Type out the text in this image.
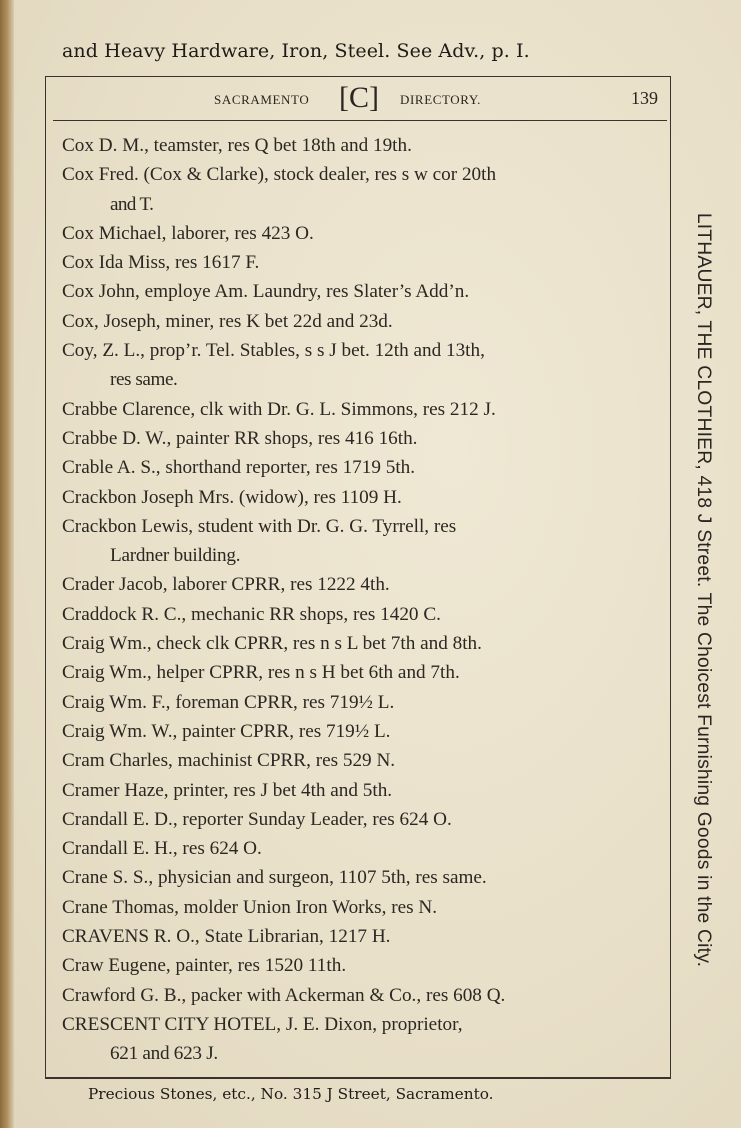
and Heavy Hardware, Iron, Steel. See Adv., p. I.
SACRAMENTO [C] DIRECTORY.	139
Cox D. M., teamster, res Q bet 18th and 19th.
Cox Fred. (Cox & Clarke), stock dealer, res s w cor 20th
and T.
Cox Michael, laborer, res 423 O.
Cox Ida Miss, res 1617 F.
Cox John, employe Am. Laundry, res Slater’s Add’n.
Cox, Joseph, miner, res K bet 22d and 23d.
Coy, Z. L., prop’r. Tel. Stables, s s J bet. 12th and 13th,
res same.
Crabbe Clarence, clk with Dr. G. L. Simmons, res 212 J.
Crabbe D. W., painter RR shops, res 416 16th.
Crable A. S., shorthand reporter, res 1719 5th.
Crackbon Joseph Mrs. (widow), res 1109 H.
Crackbon Lewis, student with Dr. G. G. Tyrrell, res
Lardner building.
Crader Jacob, laborer CPRR, res 1222 4th.
Craddock R. C., mechanic RR shops, res 1420 C.
Craig Wm., check clk CPRR, res n s L bet 7th and 8th.
Craig Wm., helper CPRR, res n s H bet 6th and 7th.
Craig Wm. F., foreman CPRR, res 719½ L.
Craig Wm. W., painter CPRR, res 719½ L.
Cram Charles, machinist CPRR, res 529 N.
Cramer Haze, printer, res J bet 4th and 5th.
Crandall E. D., reporter Sunday Leader, res 624 O.
Crandall E. H., res 624 O.
Crane S. S., physician and surgeon, 1107 5th, res same.
Crane Thomas, molder Union Iron Works, res N.
CRAVENS R. O., State Librarian, 1217 H.
Craw Eugene, painter, res 1520 11th.
Crawford G. B., packer with Ackerman & Co., res 608 Q.
CRESCENT CITY HOTEL, J. E. Dixon, proprietor,
621 and 623 J.
LITHAUER, THE CLOTHIER, 418 J Street. The Choicest Furnishing Goods in the City.
Precious Stones, etc., No. 315 J Street, Sacramento.
